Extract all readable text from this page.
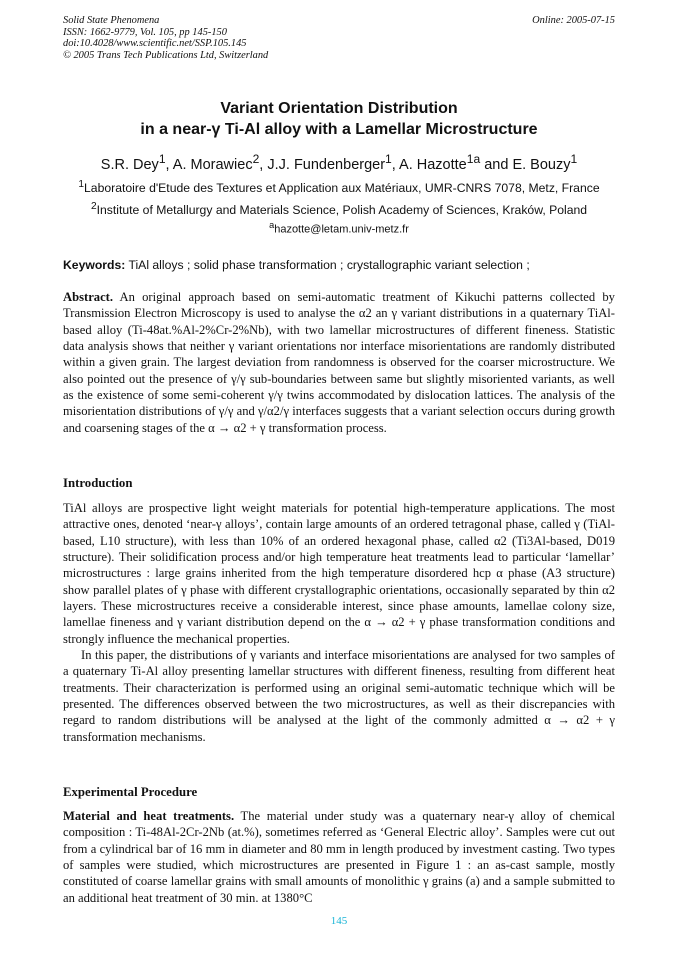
Solid State Phenomena
ISSN: 1662-9779, Vol. 105, pp 145-150
doi:10.4028/www.scientific.net/SSP.105.145
© 2005 Trans Tech Publications Ltd, Switzerland
Online: 2005-07-15
Variant Orientation Distribution
in a near-γ Ti-Al alloy with a Lamellar Microstructure
S.R. Dey$^1$, A. Morawiec$^2$, J.J. Fundenberger$^1$, A. Hazotte$^{1a}$ and E. Bouzy$^1$
$^1$Laboratoire d'Etude des Textures et Application aux Matériaux, UMR-CNRS 7078, Metz, France
$^2$Institute of Metallurgy and Materials Science, Polish Academy of Sciences, Kraków, Poland
$^a$hazotte@letam.univ-metz.fr
Keywords: TiAl alloys ; solid phase transformation ; crystallographic variant selection ;

Abstract. An original approach based on semi-automatic treatment of Kikuchi patterns collected by Transmission Electron Microscopy is used to analyse the α2 an γ variant distributions in a quaternary TiAl-based alloy (Ti-48at.%Al-2%Cr-2%Nb), with two lamellar microstructures of different fineness. Statistic data analysis shows that neither γ variant orientations nor interface misorientations are randomly distributed within a given grain. The largest deviation from randomness is observed for the coarser microstructure. We also pointed out the presence of γ/γ sub-boundaries between same but slightly misoriented variants, as well as the existence of some semi-coherent γ/γ twins accommodated by dislocation lattices. The analysis of the misorientation distributions of γ/γ and γ/α2/γ interfaces suggests that a variant selection occurs during growth and coarsening stages of the α → α2 + γ transformation process.

Introduction

TiAl alloys are prospective light weight materials for potential high-temperature applications. The most attractive ones, denoted ‘near-γ alloys’, contain large amounts of an ordered tetragonal phase, called γ (TiAl-based, L10 structure), with less than 10% of an ordered hexagonal phase, called α2 (Ti3Al-based, D019 structure). Their solidification process and/or high temperature heat treatments lead to particular ‘lamellar’ microstructures : large grains inherited from the high temperature disordered hcp α phase (A3 structure) show parallel plates of γ phase with different crystallographic orientations, occasionally separated by thin α2 layers. These microstructures receive a considerable interest, since phase amounts, lamellae colony size, lamellae fineness and γ variant distribution depend on the α → α2 + γ phase transformation conditions and strongly influence the mechanical properties.

In this paper, the distributions of γ variants and interface misorientations are analysed for two samples of a quaternary Ti-Al alloy presenting lamellar structures with different fineness, resulting from different heat treatments. Their characterization is performed using an original semi-automatic technique which will be presented. The differences observed between the two microstructures, as well as their discrepancies with regard to random distributions will be analysed at the light of the commonly admitted α → α2 + γ transformation mechanisms.

Experimental Procedure

Material and heat treatments. The material under study was a quaternary near-γ alloy of chemical composition : Ti-48Al-2Cr-2Nb (at.%), sometimes referred as ‘General Electric alloy’. Samples were cut out from a cylindrical bar of 16 mm in diameter and 80 mm in length produced by investment casting. Two types of samples were studied, which microstructures are presented in Figure 1 : an as-cast sample, mostly constituted of coarse lamellar grains with small amounts of monolithic γ grains (a) and a sample submitted to an additional heat treatment of 30 min. at 1380°C

145
